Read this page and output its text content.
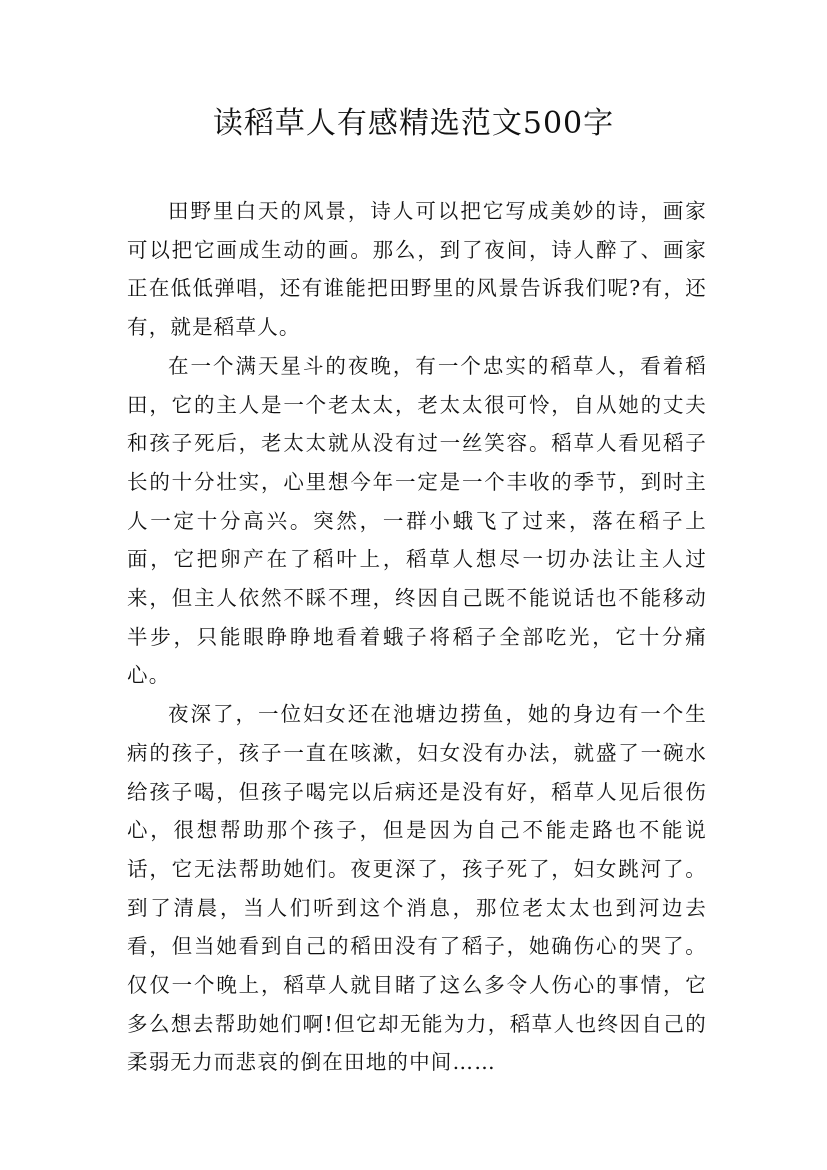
读稻草人有感精选范文500字

田野里白天的风景，诗人可以把它写成美妙的诗，画家可以把它画成生动的画。那么，到了夜间，诗人醉了、画家正在低低弹唱，还有谁能把田野里的风景告诉我们呢?有，还有，就是稻草人。

在一个满天星斗的夜晚，有一个忠实的稻草人，看着稻田，它的主人是一个老太太，老太太很可怜，自从她的丈夫和孩子死后，老太太就从没有过一丝笑容。稻草人看见稻子长的十分壮实，心里想今年一定是一个丰收的季节，到时主人一定十分高兴。突然，一群小蛾飞了过来，落在稻子上面，它把卵产在了稻叶上，稻草人想尽一切办法让主人过来，但主人依然不睬不理，终因自己既不能说话也不能移动半步，只能眼睁睁地看着蛾子将稻子全部吃光，它十分痛心。

夜深了，一位妇女还在池塘边捞鱼，她的身边有一个生病的孩子，孩子一直在咳漱，妇女没有办法，就盛了一碗水给孩子喝，但孩子喝完以后病还是没有好，稻草人见后很伤心，很想帮助那个孩子，但是因为自己不能走路也不能说话，它无法帮助她们。夜更深了，孩子死了，妇女跳河了。到了清晨，当人们听到这个消息，那位老太太也到河边去看，但当她看到自己的稻田没有了稻子，她确伤心的哭了。仅仅一个晚上，稻草人就目睹了这么多令人伤心的事情，它多么想去帮助她们啊!但它却无能为力，稻草人也终因自己的柔弱无力而悲哀的倒在田地的中间……
